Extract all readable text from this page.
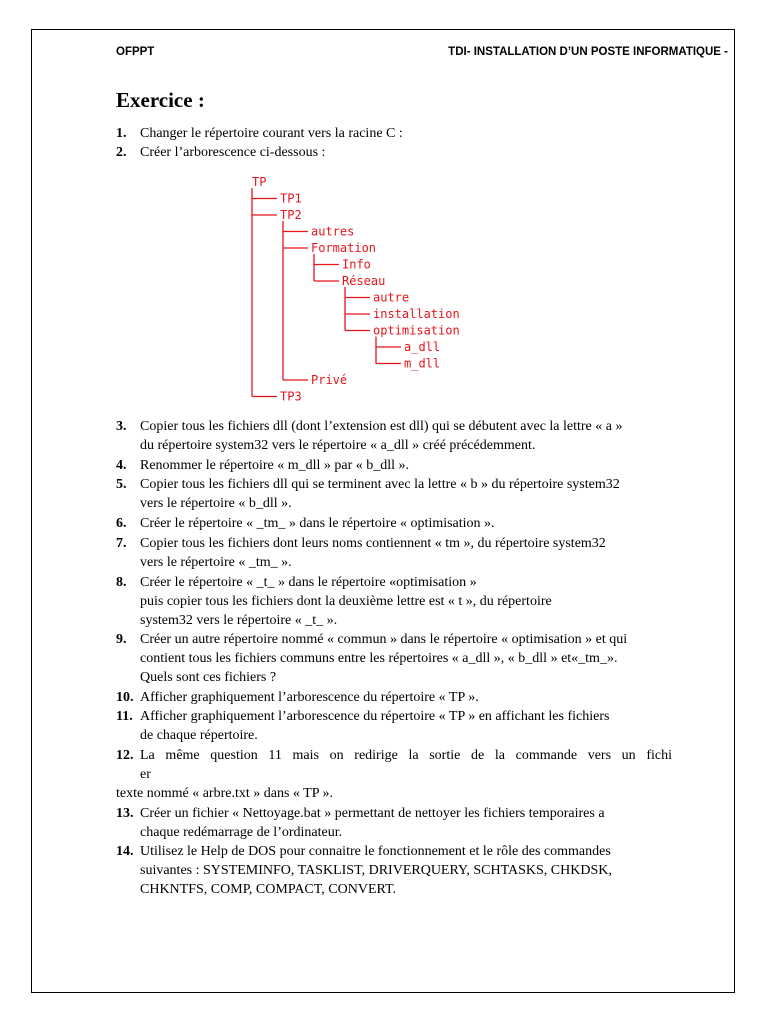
OFPPT	TDI- INSTALLATION D’UN POSTE INFORMATIQUE -
Exercice :
1. Changer le répertoire courant vers la racine C :
2. Créer l’arborescence ci-dessous :
TP
TP1
TP2
autres
Formation
Info
Réseau
autre
installation
optimisation
a_dll
m_dll
Privé
TP3
3. Copier tous les fichiers dll (dont l’extension est dll) qui se débutent avec la lettre « a »
du répertoire system32 vers le répertoire « a_dll » créé précédemment.
4. Renommer le répertoire « m_dll » par « b_dll ».
5. Copier tous les fichiers dll qui se terminent avec la lettre « b » du répertoire system32
vers le répertoire « b_dll ».
6. Créer le répertoire « _tm_ » dans le répertoire « optimisation ».
7. Copier tous les fichiers dont leurs noms contiennent « tm », du répertoire system32
vers le répertoire « _tm_ ».
8. Créer le répertoire « _t_ » dans le répertoire «optimisation »
puis copier tous les fichiers dont la deuxième lettre est « t », du répertoire
system32 vers le répertoire « _t_ ».
9. Créer un autre répertoire nommé « commun » dans le répertoire « optimisation » et qui
contient tous les fichiers communs entre les répertoires « a_dll », « b_dll » et«_tm_».
Quels sont ces fichiers ?
10. Afficher graphiquement l’arborescence du répertoire « TP ».
11. Afficher graphiquement l’arborescence du répertoire « TP » en affichant les fichiers
de chaque répertoire.
12. La même question 11 mais on redirige la sortie de la commande vers un fichi
er
texte nommé « arbre.txt » dans « TP ».
13. Créer un fichier « Nettoyage.bat » permettant de nettoyer les fichiers temporaires a
chaque redémarrage de l’ordinateur.
14. Utilisez le Help de DOS pour connaitre le fonctionnement et le rôle des commandes
suivantes : SYSTEMINFO, TASKLIST, DRIVERQUERY, SCHTASKS, CHKDSK,
CHKNTFS, COMP, COMPACT, CONVERT.
